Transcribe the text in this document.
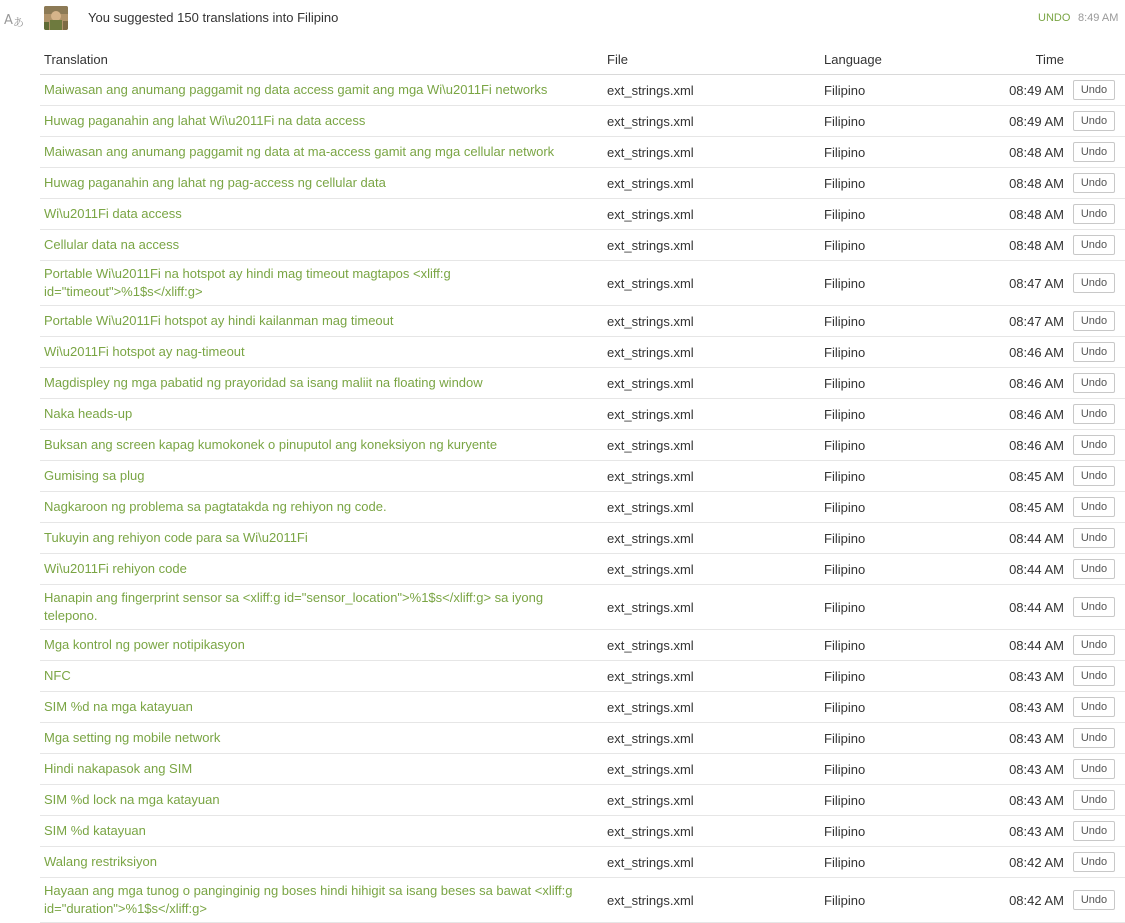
A あ	You suggested 150 translations into Filipino	UNDO 8:49 AM
Translation	File	Language	Time	
Maiwasan ang anumang paggamit ng data access gamit ang mga Wi\u2011Fi networks	ext_strings.xml	Filipino	08:49 AM	Undo
Huwag paganahin ang lahat Wi\u2011Fi na data access	ext_strings.xml	Filipino	08:49 AM	Undo
Maiwasan ang anumang paggamit ng data at ma-access gamit ang mga cellular network	ext_strings.xml	Filipino	08:48 AM	Undo
Huwag paganahin ang lahat ng pag-access ng cellular data	ext_strings.xml	Filipino	08:48 AM	Undo
Wi\u2011Fi data access	ext_strings.xml	Filipino	08:48 AM	Undo
Cellular data na access	ext_strings.xml	Filipino	08:48 AM	Undo
Portable Wi\u2011Fi na hotspot ay hindi mag timeout magtapos <xliff:g id="timeout">%1$s</xliff:g>	ext_strings.xml	Filipino	08:47 AM	Undo
Portable Wi\u2011Fi hotspot ay hindi kailanman mag timeout	ext_strings.xml	Filipino	08:47 AM	Undo
Wi\u2011Fi hotspot ay nag-timeout	ext_strings.xml	Filipino	08:46 AM	Undo
Magdispley ng mga pabatid ng prayoridad sa isang maliit na floating window	ext_strings.xml	Filipino	08:46 AM	Undo
Naka heads-up	ext_strings.xml	Filipino	08:46 AM	Undo
Buksan ang screen kapag kumokonek o pinuputol ang koneksiyon ng kuryente	ext_strings.xml	Filipino	08:46 AM	Undo
Gumising sa plug	ext_strings.xml	Filipino	08:45 AM	Undo
Nagkaroon ng problema sa pagtatakda ng rehiyon ng code.	ext_strings.xml	Filipino	08:45 AM	Undo
Tukuyin ang rehiyon code para sa Wi\u2011Fi	ext_strings.xml	Filipino	08:44 AM	Undo
Wi\u2011Fi rehiyon code	ext_strings.xml	Filipino	08:44 AM	Undo
Hanapin ang fingerprint sensor sa <xliff:g id="sensor_location">%1$s</xliff:g> sa iyong telepono.	ext_strings.xml	Filipino	08:44 AM	Undo
Mga kontrol ng power notipikasyon	ext_strings.xml	Filipino	08:44 AM	Undo
NFC	ext_strings.xml	Filipino	08:43 AM	Undo
SIM %d na mga katayuan	ext_strings.xml	Filipino	08:43 AM	Undo
Mga setting ng mobile network	ext_strings.xml	Filipino	08:43 AM	Undo
Hindi nakapasok ang SIM	ext_strings.xml	Filipino	08:43 AM	Undo
SIM %d lock na mga katayuan	ext_strings.xml	Filipino	08:43 AM	Undo
SIM %d katayuan	ext_strings.xml	Filipino	08:43 AM	Undo
Walang restriksiyon	ext_strings.xml	Filipino	08:42 AM	Undo
Hayaan ang mga tunog o panginginig ng boses hindi hihigit sa isang beses sa bawat <xliff:g id="duration">%1$s</xliff:g>	ext_strings.xml	Filipino	08:42 AM	Undo
